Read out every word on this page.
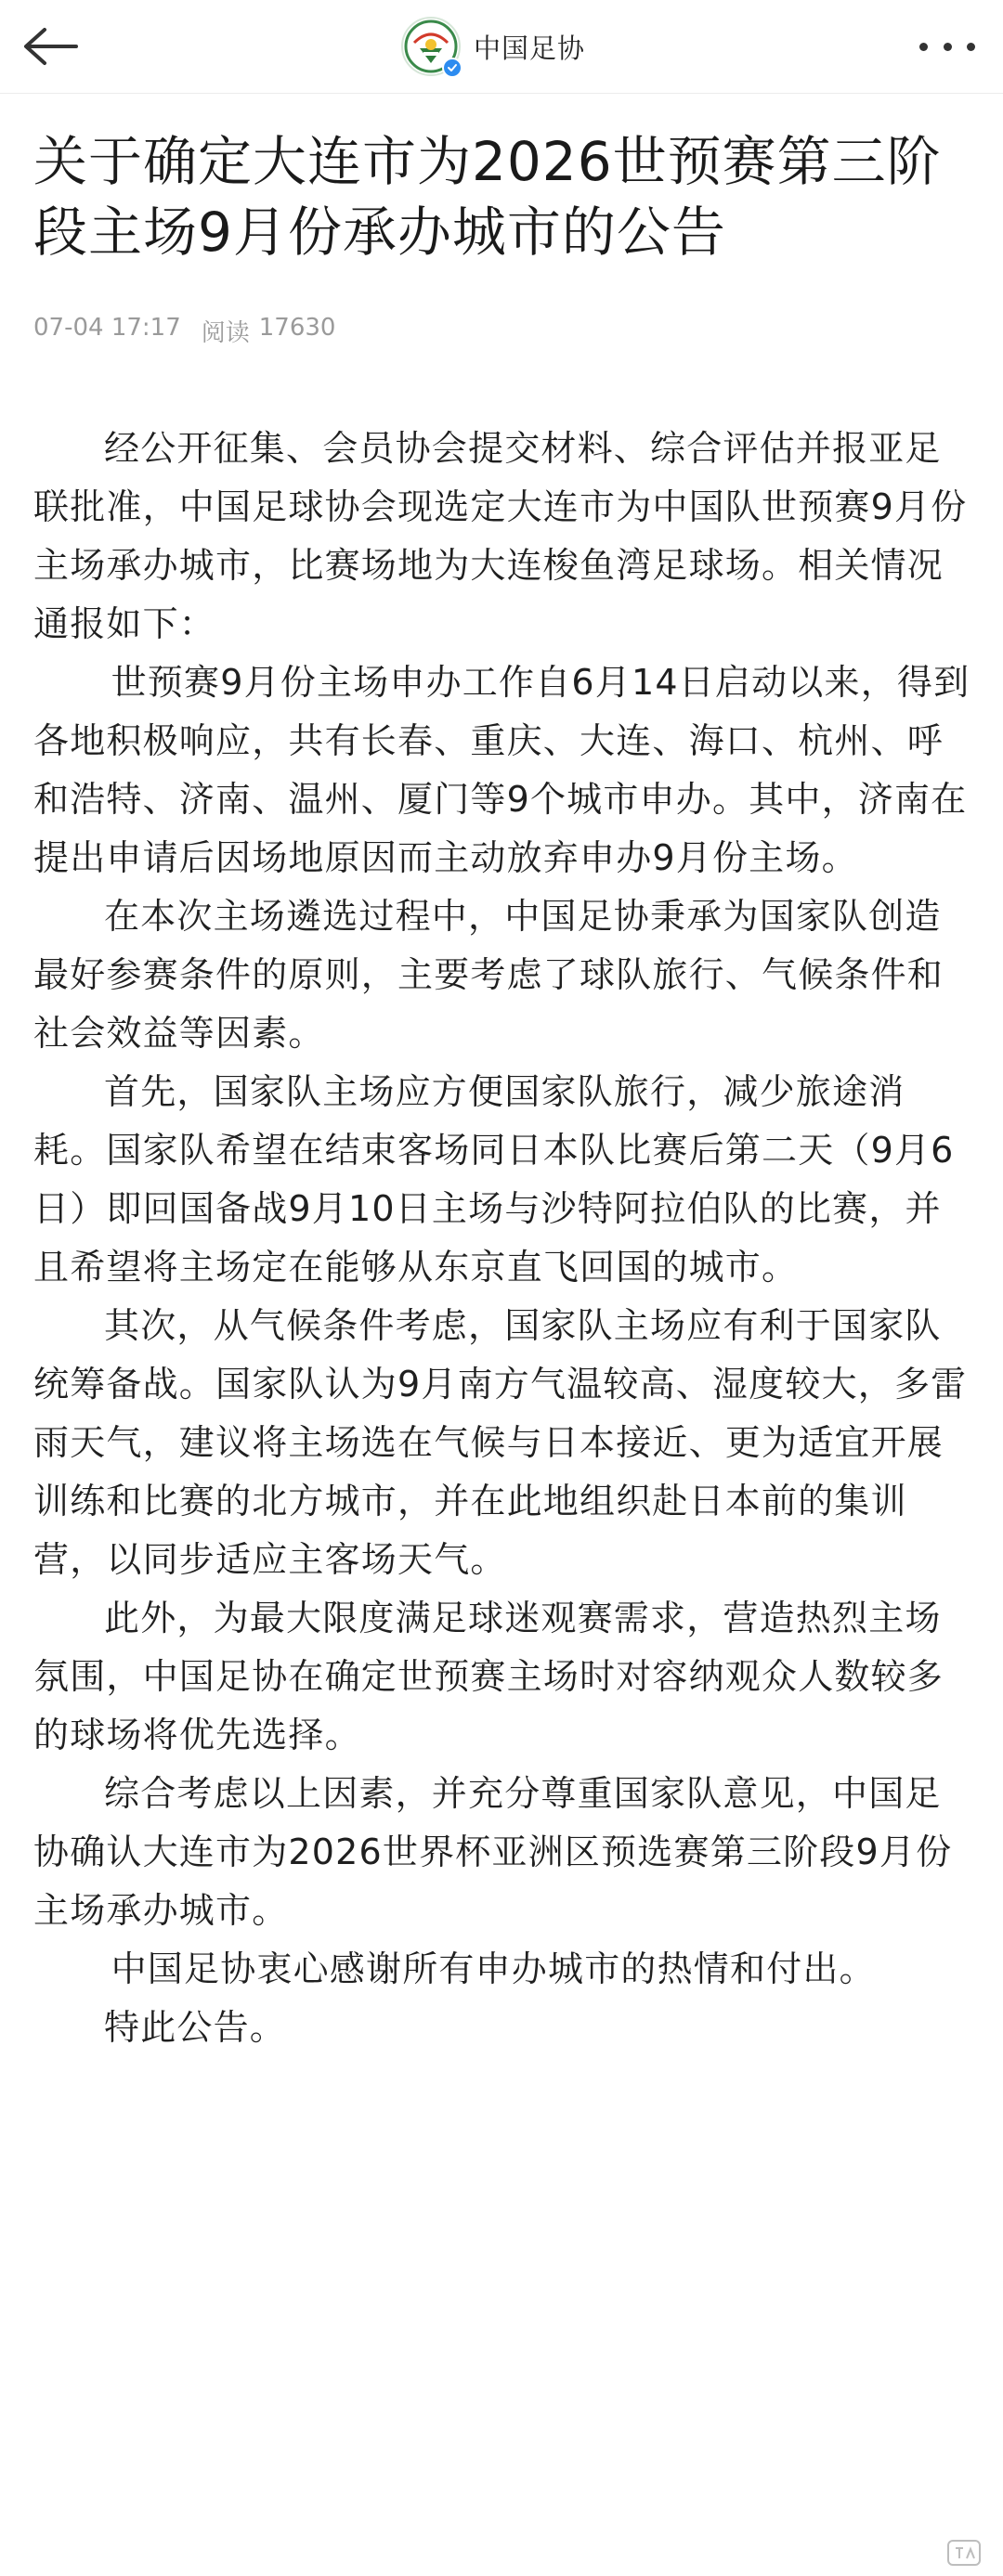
中国足协
关于确定大连市为2026世预赛第三阶段主场9月份承办城市的公告
07-04 17:17 阅读 17630

经公开征集、会员协会提交材料、综合评估并报亚足联批准，中国足球协会现选定大连市为中国队世预赛9月份主场承办城市，比赛场地为大连梭鱼湾足球场。相关情况通报如下：

世预赛9月份主场申办工作自6月14日启动以来，得到各地积极响应，共有长春、重庆、大连、海口、杭州、呼和浩特、济南、温州、厦门等9个城市申办。其中，济南在提出申请后因场地原因而主动放弃申办9月份主场。

在本次主场遴选过程中，中国足协秉承为国家队创造最好参赛条件的原则，主要考虑了球队旅行、气候条件和社会效益等因素。

首先，国家队主场应方便国家队旅行，减少旅途消耗。国家队希望在结束客场同日本队比赛后第二天（9月6日）即回国备战9月10日主场与沙特阿拉伯队的比赛，并且希望将主场定在能够从东京直飞回国的城市。

其次，从气候条件考虑，国家队主场应有利于国家队统筹备战。国家队认为9月南方气温较高、湿度较大，多雷雨天气，建议将主场选在气候与日本接近、更为适宜开展训练和比赛的北方城市，并在此地组织赴日本前的集训营，以同步适应主客场天气。

此外，为最大限度满足球迷观赛需求，营造热烈主场氛围，中国足协在确定世预赛主场时对容纳观众人数较多的球场将优先选择。

综合考虑以上因素，并充分尊重国家队意见，中国足协确认大连市为2026世界杯亚洲区预选赛第三阶段9月份主场承办城市。

中国足协衷心感谢所有申办城市的热情和付出。

特此公告。
